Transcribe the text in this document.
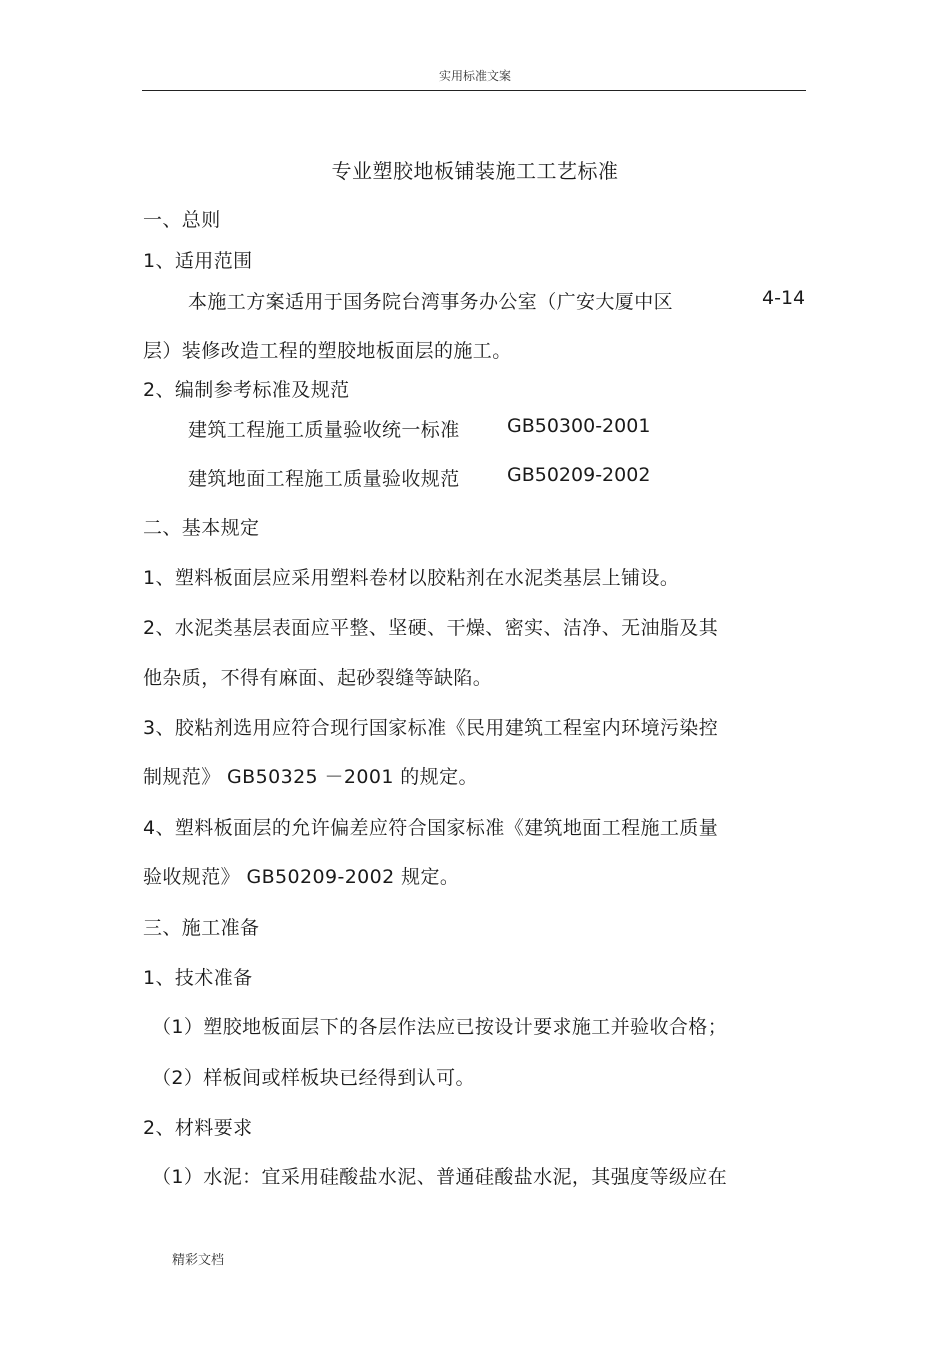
实用标准文案
专业塑胶地板铺装施工工艺标准
一、总则
1、适用范围
本施工方案适用于国务院台湾事务办公室（广安大厦中区	4-14
层）装修改造工程的塑胶地板面层的施工。
2、编制参考标准及规范
建筑工程施工质量验收统一标准 GB50300-2001
建筑地面工程施工质量验收规范 GB50209-2002
二、基本规定
1、塑料板面层应采用塑料卷材以胶粘剂在水泥类基层上铺设。
2、水泥类基层表面应平整、坚硬、干燥、密实、洁净、无油脂及其
他杂质，不得有麻面、起砂裂缝等缺陷。
3、胶粘剂选用应符合现行国家标准《民用建筑工程室内环境污染控
制规范》 GB50325 －2001 的规定。
4、塑料板面层的允许偏差应符合国家标准《建筑地面工程施工质量
验收规范》 GB50209-2002 规定。
三、施工准备
1、技术准备
（1）塑胶地板面层下的各层作法应已按设计要求施工并验收合格；
（2）样板间或样板块已经得到认可。
2、材料要求
（1）水泥：宜采用硅酸盐水泥、普通硅酸盐水泥，其强度等级应在
精彩文档
